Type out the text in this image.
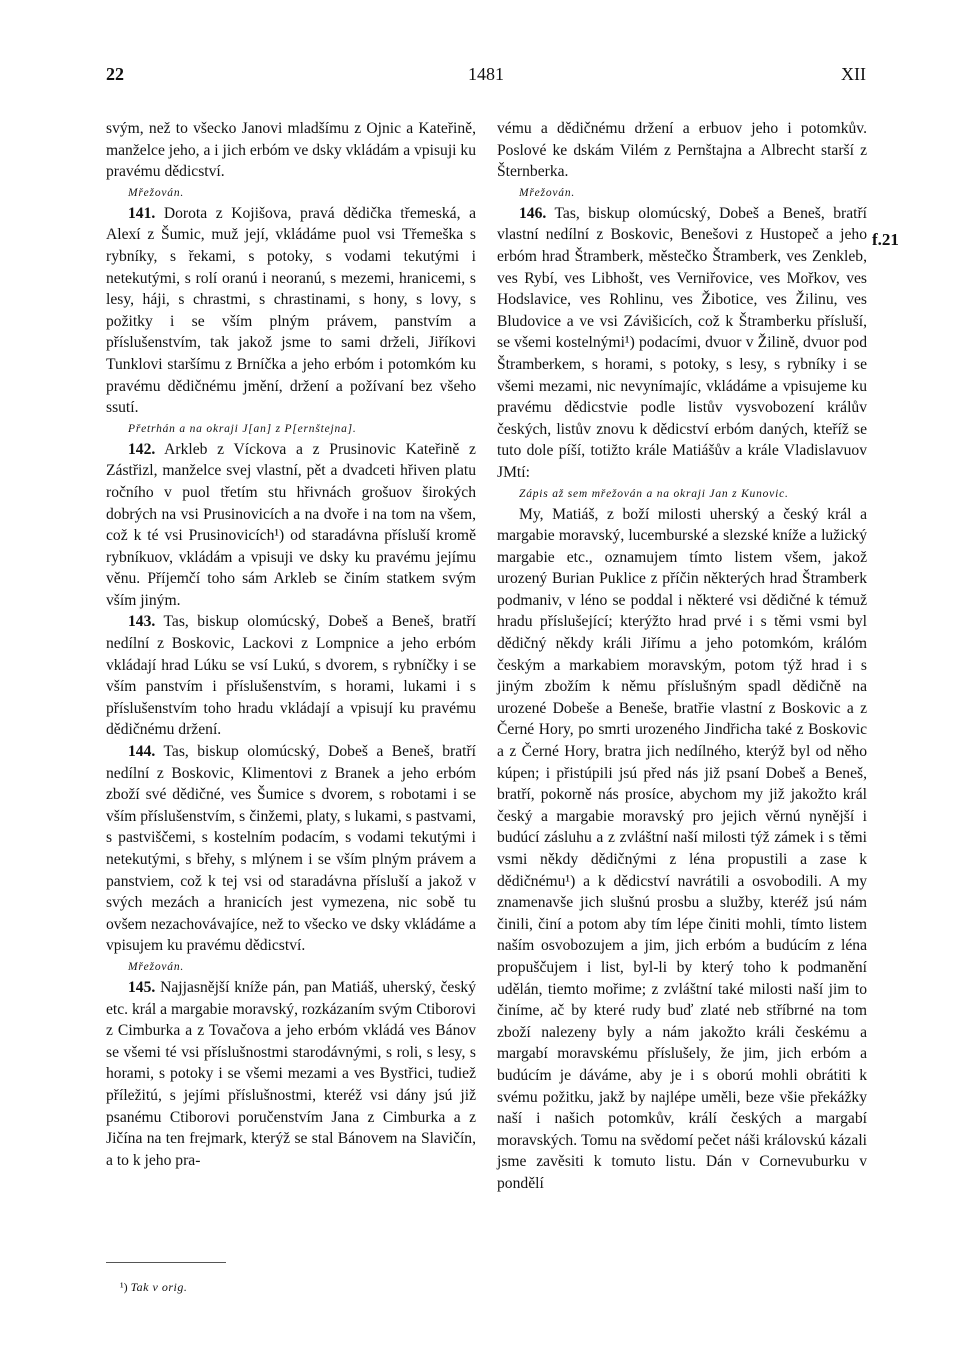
22	1481	XII

svým, než to všecko Janovi mladšímu z Ojnic a Kateřině, manželce jeho, a i jich erbóm ve dsky vkládám a vpisuji ku pravému dědicství.

Mřežován.

141. Dorota z Kojišova, pravá dědička třemeská, a Alexí z Šumic, muž její, vkládáme puol vsi Třemeška s rybníky, s řekami, s potoky, s vodami tekutými i netekutými, s rolí oranú i neoranú, s mezemi, hranicemi, s lesy, háji, s chrastmi, s chrastinami, s hony, s lovy, s požitky i se vším plným právem, panstvím a příslušenstvím, tak jakož jsme to sami drželi, Jiříkovi Tunklovi staršímu z Brníčka a jeho erbóm i potomkóm ku pravému dědičnému jmění, držení a požívaní bez všeho ssutí.

Přetrhán a na okraji J[an] z P[ernštejna].

142. Arkleb z Víckova a z Prusinovic Kateřině z Zástřizl, manželce svej vlastní, pět a dvadceti hřiven platu ročního v puol třetím stu hřivnách grošuov širokých dobrých na vsi Prusinovicích a na dvoře i na tom na všem, což k té vsi Prusinovicích¹) od staradávna přísluší kromě rybníkuov, vkládám a vpisuji ve dsky ku pravému jejímu věnu. Příjemčí toho sám Arkleb se činím statkem svým vším jiným.

143. Tas, biskup olomúcský, Dobeš a Beneš, bratří nedílní z Boskovic, Lackovi z Lompnice a jeho erbóm vkládají hrad Lúku se vsí Lukú, s dvorem, s rybníčky i se vším panstvím i příslušenstvím, s horami, lukami i s příslušenstvím toho hradu vkládají a vpisují ku pravému dědičnému držení.

144. Tas, biskup olomúcský, Dobeš a Beneš, bratří nedílní z Boskovic, Klimentovi z Branek a jeho erbóm zboží své dědičné, ves Šumice s dvorem, s robotami i se vším příslušenstvím, s činžemi, platy, s lukami, s pastvami, s pastviščemi, s kostelním podacím, s vodami tekutými i netekutými, s břehy, s mlýnem i se vším plným právem a panstviem, což k tej vsi od staradávna přísluší a jakož v svých mezách a hranicích jest vymezena, nic sobě tu ovšem nezachovávajíce, než to všecko ve dsky vkládáme a vpisujem ku pravému dědicství.

Mřežován.

145. Najjasnější kníže pán, pan Matiáš, uherský, český etc. král a margabie moravský, rozkázaním svým Ctiborovi z Cimburka a z Tovačova a jeho erbóm vkládá ves Bánov se všemi té vsi příslušnostmi starodávnými, s roli, s lesy, s horami, s potoky i se všemi mezami a ves Bystřici, tudiež příležitú, s jejími příslušnostmi, kteréž vsi dány jsú již psanému Ctiborovi poručenstvím Jana z Cimburka a z Jičína na ten frejmark, kterýž se stal Bánovem na Slavičín, a to k jeho pra-

vému a dědičnému držení a erbuov jeho i potomkův. Poslové ke dskám Vilém z Pernštajna a Albrecht starší z Šternberka.

Mřežován.

146. Tas, biskup olomúcský, Dobeš a Beneš, bratří vlastní nedílní z Boskovic, Benešovi z Hustopeč a jeho erbóm hrad Štramberk, městečko Štramberk, ves Zenkleb, ves Rybí, ves Libhošt, ves Verniřovice, ves Mořkov, ves Hodslavice, ves Rohlinu, ves Žibotice, ves Žilinu, ves Bludovice a ve vsi Závišicích, což k Štramberku přísluší, se všemi kostelnými¹) podacími, dvuor v Žilině, dvuor pod Štramberkem, s horami, s potoky, s lesy, s rybníky i se všemi mezami, nic nevynímajíc, vkládáme a vpisujeme ku pravému dědicstvie podle listův vysvobození králův českých, listův znovu k dědicství erbóm daných, kteříž se tuto dole píší, totižto krále Matiášův a krále Vladislavuov JMtí:

Zápis až sem mřežován a na okraji Jan z Kunovic.

My, Matiáš, z boží milosti uherský a český král a margabie moravský, lucemburské a slezské kníže a lužický margabie etc., oznamujem tímto listem všem, jakož urozený Burian Puklice z příčin některých hrad Štramberk podmaniv, v léno se poddal i některé vsi dědičné k témuž hradu příslušející; kterýžto hrad prvé i s těmi vsmi byl dědičný někdy králi Jiřímu a jeho potomkóm, králóm českým a markabiem moravským, potom týž hrad i s jiným zbožím k němu příslušným spadl dědičně na urozené Dobeše a Beneše, bratřie vlastní z Boskovic a z Černé Hory, po smrti urozeného Jindřicha také z Boskovic a z Černé Hory, bratra jich nedílného, kterýž byl od něho kúpen; i přistúpili jsú před nás již psaní Dobeš a Beneš, bratří, pokorně nás prosíce, abychom my již jakožto král český a margabie moravský pro jejich věrnú nynější i budúcí zásluhu a z zvláštní naší milosti týž zámek i s těmi vsmi někdy dědičnými z léna propustili a zase k dědičnému¹) a k dědicství navrátili a osvobodili. A my znamenavše jich slušnú prosbu a služby, kteréž jsú nám činili, činí a potom aby tím lépe činiti mohli, tímto listem naším osvobozujem a jim, jich erbóm a budúcím z léna propuščujem i list, byl-li by který toho k podmanění udělán, tiemto mořime; z zvláštní také milosti naší jim to činíme, ač by které rudy buď zlaté neb stříbrné na tom zboží nalezeny byly a nám jakožto králi českému a margabí moravskému příslušely, že jim, jich erbóm a budúcím je dáváme, aby je i s oború mohli obrátiti k svému požitku, jakž by najlépe uměli, beze všie překážky naší i našich potomkův, králí českých a margabí moravských. Tomu na svědomí pečet náši královskú kázali jsme zavěsiti k tomuto listu. Dán v Cornevuburku v pondělí

f.21
¹) Tak v orig.
